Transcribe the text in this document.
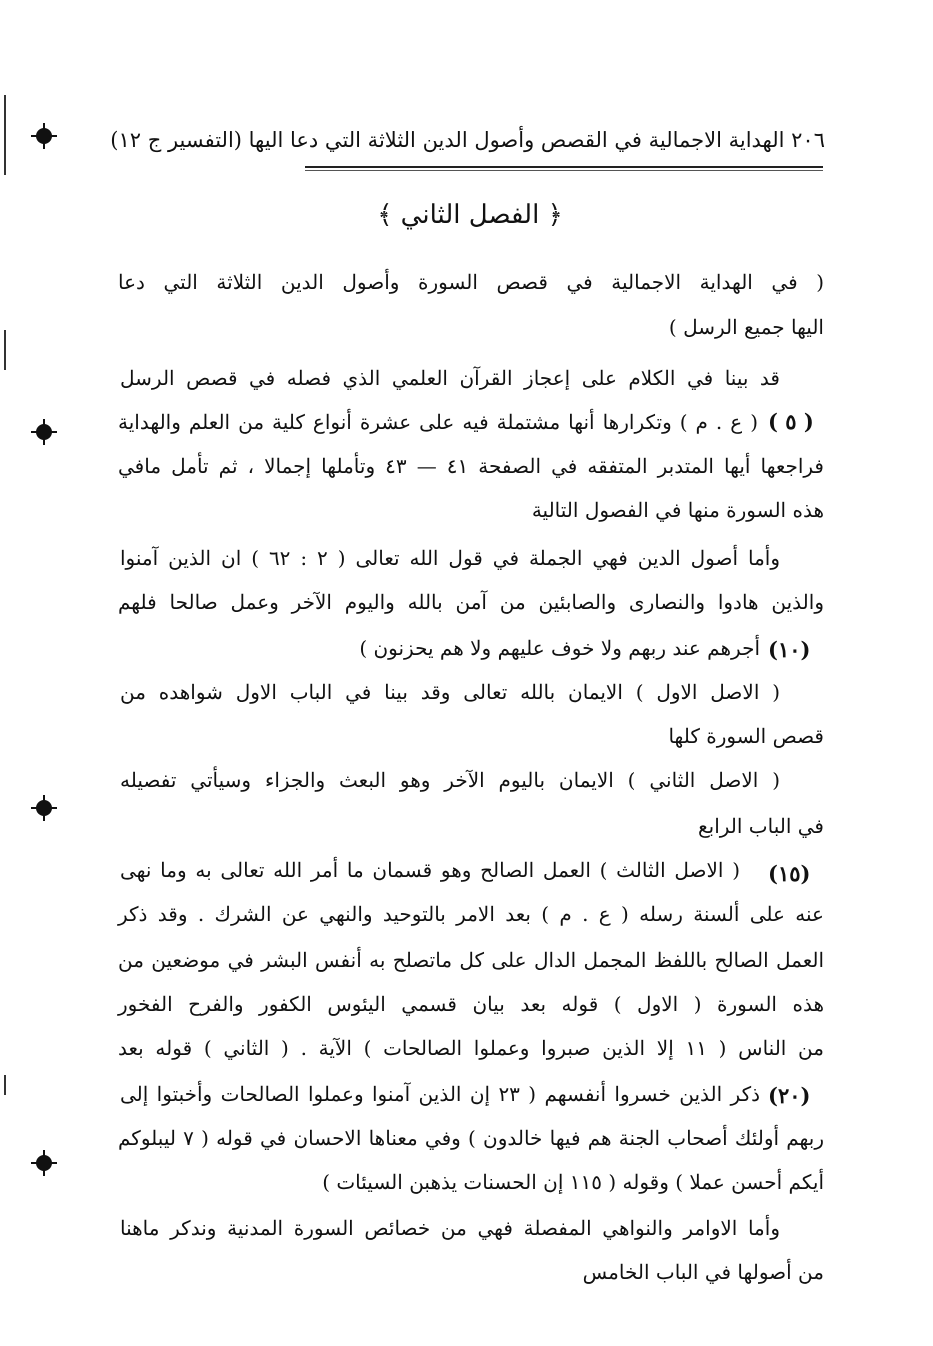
٢٠٦ الهداية الاجمالية في القصص وأصول الدين الثلاثة التي دعا اليها (التفسير ج ١٢)
﴿ الفصل الثاني ﴾
( في الهداية الاجمالية في قصص السورة وأصول الدين الثلاثة التي دعا
اليها جميع الرسل )
قد بينا في الكلام على إعجاز القرآن العلمي الذي فصله في قصص الرسل
( ٥ )
( ع . م ) وتكرارها أنها مشتملة فيه على عشرة أنواع كلية من العلم والهداية
فراجعها أيها المتدبر المتفقه في الصفحة ٤١ — ٤٣ وتأملها إجمالا ، ثم تأمل مافي
هذه السورة منها في الفصول التالية
وأما أصول الدين فهي الجملة في قول الله تعالى ( ٢ : ٦٢ ) ان الذين آمنوا
والذين هادوا والنصارى والصابئين من آمن بالله واليوم الآخر وعمل صالحا فلهم
(١٠)
أجرهم عند ربهم ولا خوف عليهم ولا هم يحزنون )
( الاصل الاول ) الايمان بالله تعالى وقد بينا في الباب الاول شواهده من
قصص السورة كلها
( الاصل الثاني ) الايمان باليوم الآخر وهو البعث والجزاء وسيأتي تفصيله
في الباب الرابع
(١٥)
( الاصل الثالث ) العمل الصالح وهو قسمان ما أمر الله تعالى به وما نهى
عنه على ألسنة رسله ( ع . م ) بعد الامر بالتوحيد والنهي عن الشرك . وقد ذكر
العمل الصالح باللفظ المجمل الدال على كل ماتصلح به أنفس البشر في موضعين من
هذه السورة ( الاول ) قوله بعد بيان قسمي اليئوس الكفور والفرح الفخور
من الناس ( ١١ إلا الذين صبروا وعملوا الصالحات ) الآية . ( الثاني ) قوله بعد
(٢٠)
ذكر الذين خسروا أنفسهم ( ٢٣ إن الذين آمنوا وعملوا الصالحات وأخبتوا إلى
ربهم أولئك أصحاب الجنة هم فيها خالدون ) وفي معناها الاحسان في قوله ( ٧ ليبلوكم
أيكم أحسن عملا ) وقوله ( ١١٥ إن الحسنات يذهبن السيئات )
وأما الاوامر والنواهي المفصلة فهي من خصائص السورة المدنية وندكر ماهنا
من أصولها في الباب الخامس
